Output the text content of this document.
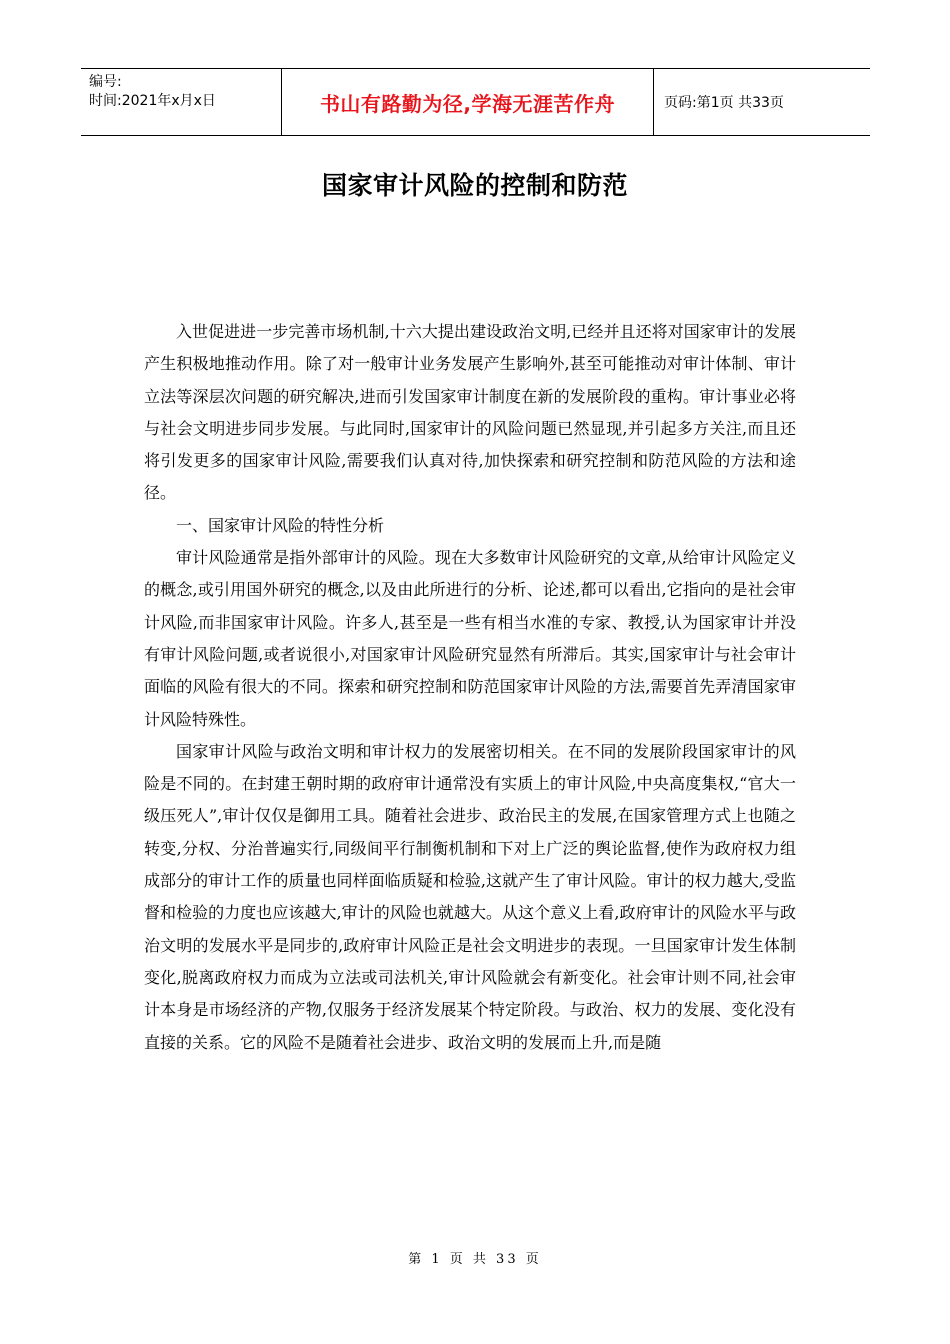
编号:
时间:2021年x月x日	书山有路勤为径,学海无涯苦作舟	页码:第1页 共33页
国家审计风险的控制和防范

入世促进进一步完善市场机制,十六大提出建设政治文明,已经并且还将对国家审计的发展产生积极地推动作用。除了对一般审计业务发展产生影响外,甚至可能推动对审计体制、审计立法等深层次问题的研究解决,进而引发国家审计制度在新的发展阶段的重构。审计事业必将与社会文明进步同步发展。与此同时,国家审计的风险问题已然显现,并引起多方关注,而且还将引发更多的国家审计风险,需要我们认真对待,加快探索和研究控制和防范风险的方法和途径。

一、国家审计风险的特性分析

审计风险通常是指外部审计的风险。现在大多数审计风险研究的文章,从给审计风险定义的概念,或引用国外研究的概念,以及由此所进行的分析、论述,都可以看出,它指向的是社会审计风险,而非国家审计风险。许多人,甚至是一些有相当水准的专家、教授,认为国家审计并没有审计风险问题,或者说很小,对国家审计风险研究显然有所滞后。其实,国家审计与社会审计面临的风险有很大的不同。探索和研究控制和防范国家审计风险的方法,需要首先弄清国家审计风险特殊性。

国家审计风险与政治文明和审计权力的发展密切相关。在不同的发展阶段国家审计的风险是不同的。在封建王朝时期的政府审计通常没有实质上的审计风险,中央高度集权,“官大一级压死人”,审计仅仅是御用工具。随着社会进步、政治民主的发展,在国家管理方式上也随之转变,分权、分治普遍实行,同级间平行制衡机制和下对上广泛的舆论监督,使作为政府权力组成部分的审计工作的质量也同样面临质疑和检验,这就产生了审计风险。审计的权力越大,受监督和检验的力度也应该越大,审计的风险也就越大。从这个意义上看,政府审计的风险水平与政治文明的发展水平是同步的,政府审计风险正是社会文明进步的表现。一旦国家审计发生体制变化,脱离政府权力而成为立法或司法机关,审计风险就会有新变化。社会审计则不同,社会审计本身是市场经济的产物,仅服务于经济发展某个特定阶段。与政治、权力的发展、变化没有直接的关系。它的风险不是随着社会进步、政治文明的发展而上升,而是随

第 1 页 共 33 页
